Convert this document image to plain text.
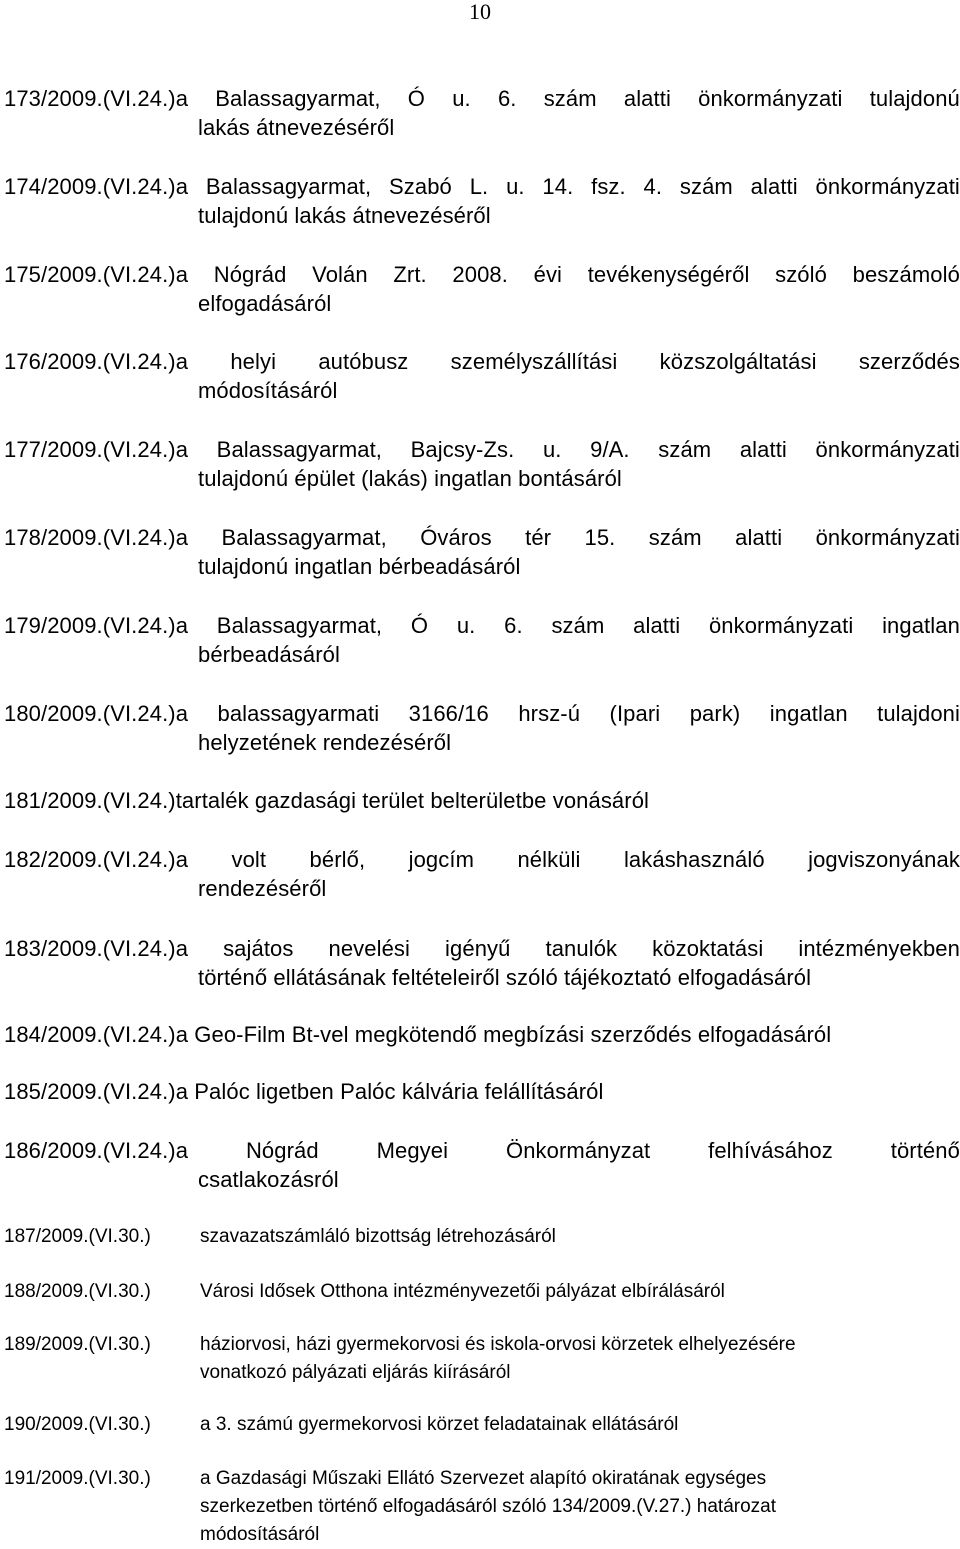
10
173/2009.(VI.24.) a Balassagyarmat, Ó u. 6. szám alatti önkormányzati tulajdonú
lakás átnevezéséről
174/2009.(VI.24.) a Balassagyarmat, Szabó L. u. 14. fsz. 4. szám alatti önkormányzati
tulajdonú lakás átnevezéséről
175/2009.(VI.24.) a Nógrád Volán Zrt. 2008. évi tevékenységéről szóló beszámoló
elfogadásáról
176/2009.(VI.24.) a helyi autóbusz személyszállítási közszolgáltatási szerződés
módosításáról
177/2009.(VI.24.) a Balassagyarmat, Bajcsy-Zs. u. 9/A. szám alatti önkormányzati
tulajdonú épület (lakás) ingatlan bontásáról
178/2009.(VI.24.) a Balassagyarmat, Óváros tér 15. szám alatti önkormányzati
tulajdonú ingatlan bérbeadásáról
179/2009.(VI.24.) a Balassagyarmat, Ó u. 6. szám alatti önkormányzati ingatlan
bérbeadásáról
180/2009.(VI.24.) a balassagyarmati 3166/16 hrsz-ú (Ipari park) ingatlan tulajdoni
helyzetének rendezéséről
181/2009.(VI.24.) tartalék gazdasági terület belterületbe vonásáról
182/2009.(VI.24.) a volt bérlő, jogcím nélküli lakáshasználó jogviszonyának
rendezéséről
183/2009.(VI.24.) a sajátos nevelési igényű tanulók közoktatási intézményekben
történő ellátásának feltételeiről szóló tájékoztató elfogadásáról
184/2009.(VI.24.) a Geo-Film Bt-vel megkötendő megbízási szerződés elfogadásáról
185/2009.(VI.24.) a Palóc ligetben Palóc kálvária felállításáról
186/2009.(VI.24.) a	Nógrád	Megyei	Önkormányzat	felhívásához	történő
csatlakozásról
187/2009.(VI.30.)	szavazatszámláló bizottság létrehozásáról
188/2009.(VI.30.)	Városi Idősek Otthona intézményvezetői pályázat elbírálásáról
189/2009.(VI.30.)	háziorvosi, házi gyermekorvosi és iskola-orvosi körzetek elhelyezésére
vonatkozó pályázati eljárás kiírásáról
190/2009.(VI.30.)	a 3. számú gyermekorvosi körzet feladatainak ellátásáról
191/2009.(VI.30.)	a Gazdasági Műszaki Ellátó Szervezet alapító okiratának egységes
szerkezetben történő elfogadásáról szóló 134/2009.(V.27.) határozat
módosításáról
